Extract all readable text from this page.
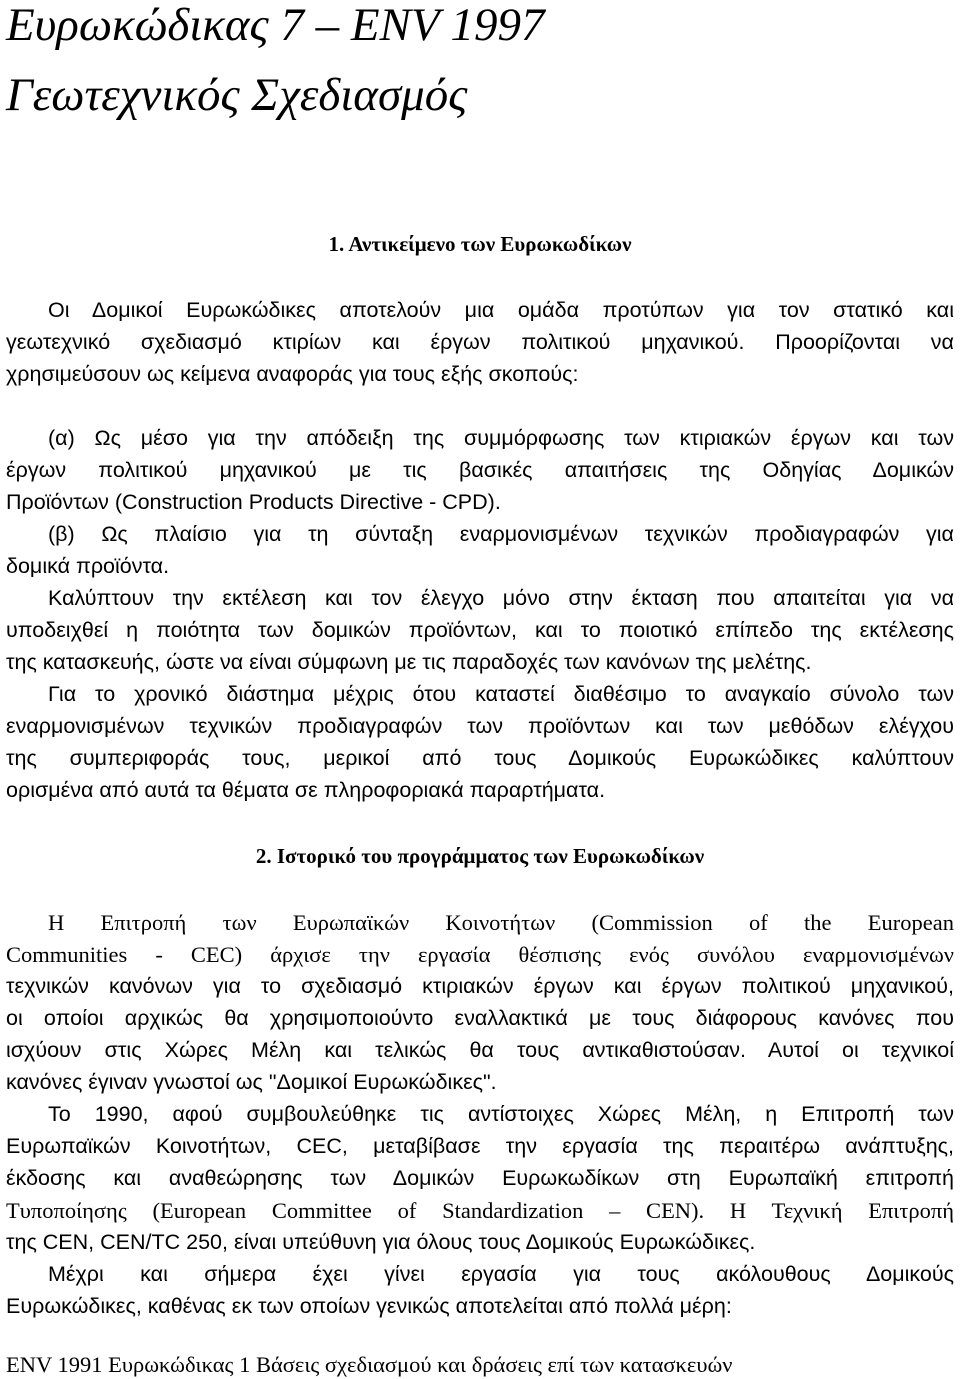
Ευρωκώδικας 7 – ENV 1997
Γεωτεχνικός Σχεδιασμός
1. Αντικείμενο των Ευρωκωδίκων

Οι Δομικοί Ευρωκώδικες αποτελούν μια ομάδα προτύπων για τον στατικό και

γεωτεχνικό σχεδιασμό κτιρίων και έργων πολιτικού μηχανικού. Προορίζονται να

χρησιμεύσουν ως κείμενα αναφοράς για τους εξής σκοπούς:

(α) Ως μέσο για την απόδειξη της συμμόρφωσης των κτιριακών έργων και των

έργων πολιτικού μηχανικού με τις βασικές απαιτήσεις της Οδηγίας Δομικών

Προϊόντων (Construction Products Directive - CPD).

(β) Ως πλαίσιο για τη σύνταξη εναρμονισμένων τεχνικών προδιαγραφών για

δομικά προϊόντα.

Καλύπτουν την εκτέλεση και τον έλεγχο μόνο στην έκταση που απαιτείται για να

υποδειχθεί η ποιότητα των δομικών προϊόντων, και το ποιοτικό επίπεδο της εκτέλεσης

της κατασκευής, ώστε να είναι σύμφωνη με τις παραδοχές των κανόνων της μελέτης.

Για το χρονικό διάστημα μέχρις ότου καταστεί διαθέσιμο το αναγκαίο σύνολο των

εναρμονισμένων τεχνικών προδιαγραφών των προϊόντων και των μεθόδων ελέγχου

της συμπεριφοράς τους, μερικοί από τους Δομικούς Ευρωκώδικες καλύπτουν

ορισμένα από αυτά τα θέματα σε πληροφοριακά παραρτήματα.

2. Ιστορικό του προγράμματος των Ευρωκωδίκων

Η Επιτροπή των Ευρωπαϊκών Κοινοτήτων (Commission of the European

Communities - CEC) άρχισε την εργασία θέσπισης ενός συνόλου εναρμονισμένων

τεχνικών κανόνων για το σχεδιασμό κτιριακών έργων και έργων πολιτικού μηχανικού,

οι οποίοι αρχικώς θα χρησιμοποιούντο εναλλακτικά με τους διάφορους κανόνες που

ισχύουν στις Χώρες Μέλη και τελικώς θα τους αντικαθιστούσαν. Αυτοί οι τεχνικοί

κανόνες έγιναν γνωστοί ως "Δομικοί Ευρωκώδικες".

Το 1990, αφού συμβουλεύθηκε τις αντίστοιχες Χώρες Μέλη, η Επιτροπή των

Ευρωπαϊκών Κοινοτήτων, CEC, μεταβίβασε την εργασία της περαιτέρω ανάπτυξης,

έκδοσης και αναθεώρησης των Δομικών Ευρωκωδίκων στη Ευρωπαϊκή επιτροπή

Τυποποίησης (European Committee of Standardization – CEN). Η Τεχνική Επιτροπή

της CEN, CEN/TC 250, είναι υπεύθυνη για όλους τους Δομικούς Ευρωκώδικες.

Μέχρι και σήμερα έχει γίνει εργασία για τους ακόλουθους Δομικούς

Ευρωκώδικες, καθένας εκ των οποίων γενικώς αποτελείται από πολλά μέρη:

ENV 1991 Ευρωκώδικας 1 Βάσεις σχεδιασμού και δράσεις επί των κατασκευών
